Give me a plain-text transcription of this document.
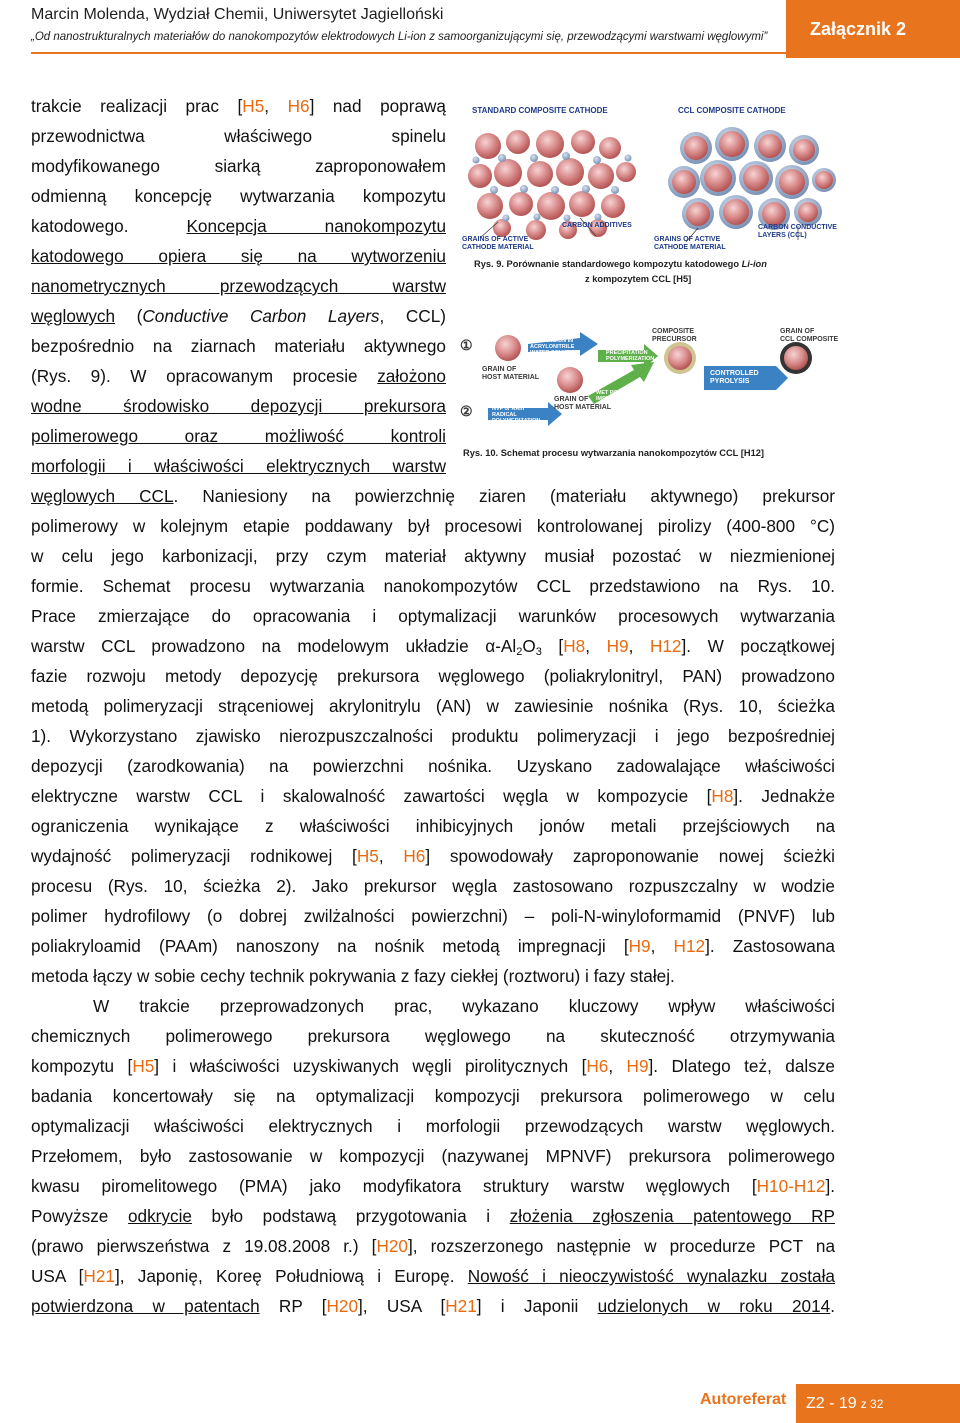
Marcin Molenda, Wydział Chemii, Uniwersytet Jagielloński
„Od nanostrukturalnych materiałów do nanokompozytów elektrodowych Li-ion z samoorganizującymi się, przewodzącymi warstwami węglowymi”	Załącznik 2
STANDARD COMPOSITE CATHODE	CCL COMPOSITE CATHODE
GRAINS OF ACTIVE
CATHODE MATERIAL
CARBON ADDITIVES
GRAINS OF ACTIVE
CATHODE MATERIAL
CARBON CONDUCTIVE
LAYERS (CCL)
Rys. 9. Porównanie standardowego kompozytu katodowego Li-ion
z kompozytem CCL [H5]
①
②
SUSPENSION IN
ACRYLONITRILE
WATER SOLUTION	PRECIPITATION
POLYMERIZATION
COMPOSITE
PRECURSOR
GRAIN OF
CCL COMPOSITE
CONTROLLED
PYROLYSIS
GRAIN OF
HOST MATERIAL
GRAIN OF
HOST MATERIAL
NVF or AAm
RADICAL
POLYMERIZATION
WET POLYMER
IMPREGNATION
Rys. 10. Schemat procesu wytwarzania nanokompozytów CCL [H12]

trakcie realizacji prac [H5, H6] nad poprawą

przewodnictwa właściwego spinelu

modyfikowanego siarką zaproponowałem

odmienną koncepcję wytwarzania kompozytu

katodowego. Koncepcja nanokompozytu

katodowego opiera się na wytworzeniu

nanometrycznych przewodzących warstw

węglowych (Conductive Carbon Layers, CCL)

bezpośrednio na ziarnach materiału aktywnego

(Rys. 9). W opracowanym procesie założono

wodne środowisko depozycji prekursora

polimerowego oraz możliwość kontroli

morfologii i właściwości elektrycznych warstw

węglowych CCL. Naniesiony na powierzchnię ziaren (materiału aktywnego) prekursor

polimerowy w kolejnym etapie poddawany był procesowi kontrolowanej pirolizy (400-800 °C)

w celu jego karbonizacji, przy czym materiał aktywny musiał pozostać w niezmienionej

formie. Schemat procesu wytwarzania nanokompozytów CCL przedstawiono na Rys. 10.

Prace zmierzające do opracowania i optymalizacji warunków procesowych wytwarzania

warstw CCL prowadzono na modelowym układzie $\alpha-Al_2O_3$ [H8, H9, H12]. W początkowej

fazie rozwoju metody depozycję prekursora węglowego (poliakrylonitryl, PAN) prowadzono

metodą polimeryzacji strąceniowej akrylonitrylu (AN) w zawiesinie nośnika (Rys. 10, ścieżka

1). Wykorzystano zjawisko nierozpuszczalności produktu polimeryzacji i jego bezpośredniej

depozycji (zarodkowania) na powierzchni nośnika. Uzyskano zadowalające właściwości

elektryczne warstw CCL i skalowalność zawartości węgla w kompozycie [H8]. Jednakże

ograniczenia wynikające z właściwości inhibicyjnych jonów metali przejściowych na

wydajność polimeryzacji rodnikowej [H5, H6] spowodowały zaproponowanie nowej ścieżki

procesu (Rys. 10, ścieżka 2). Jako prekursor węgla zastosowano rozpuszczalny w wodzie

polimer hydrofilowy (o dobrej zwilżalności powierzchni) – poli-N-winyloformamid (PNVF) lub

poliakryloamid (PAAm) nanoszony na nośnik metodą impregnacji [H9, H12]. Zastosowana

metoda łączy w sobie cechy technik pokrywania z fazy ciekłej (roztworu) i fazy stałej.

W trakcie przeprowadzonych prac, wykazano kluczowy wpływ właściwości

chemicznych polimerowego prekursora węglowego na skuteczność otrzymywania

kompozytu [H5] i właściwości uzyskiwanych węgli pirolitycznych [H6, H9]. Dlatego też, dalsze

badania koncertowały się na optymalizacji kompozycji prekursora polimerowego w celu

optymalizacji właściwości elektrycznych i morfologii przewodzących warstw węglowych.

Przełomem, było zastosowanie w kompozycji (nazywanej MPNVF) prekursora polimerowego

kwasu piromelitowego (PMA) jako modyfikatora struktury warstw węglowych [H10-H12].

Powyższe odkrycie było podstawą przygotowania i złożenia zgłoszenia patentowego RP

(prawo pierwszeństwa z 19.08.2008 r.) [H20], rozszerzonego następnie w procedurze PCT na

USA [H21], Japonię, Koreę Południową i Europę. Nowość i nieoczywistość wynalazku została

potwierdzona w patentach RP [H20], USA [H21] i Japonii udzielonych w roku 2014.

Autoreferat Z2 - 19 z 32
